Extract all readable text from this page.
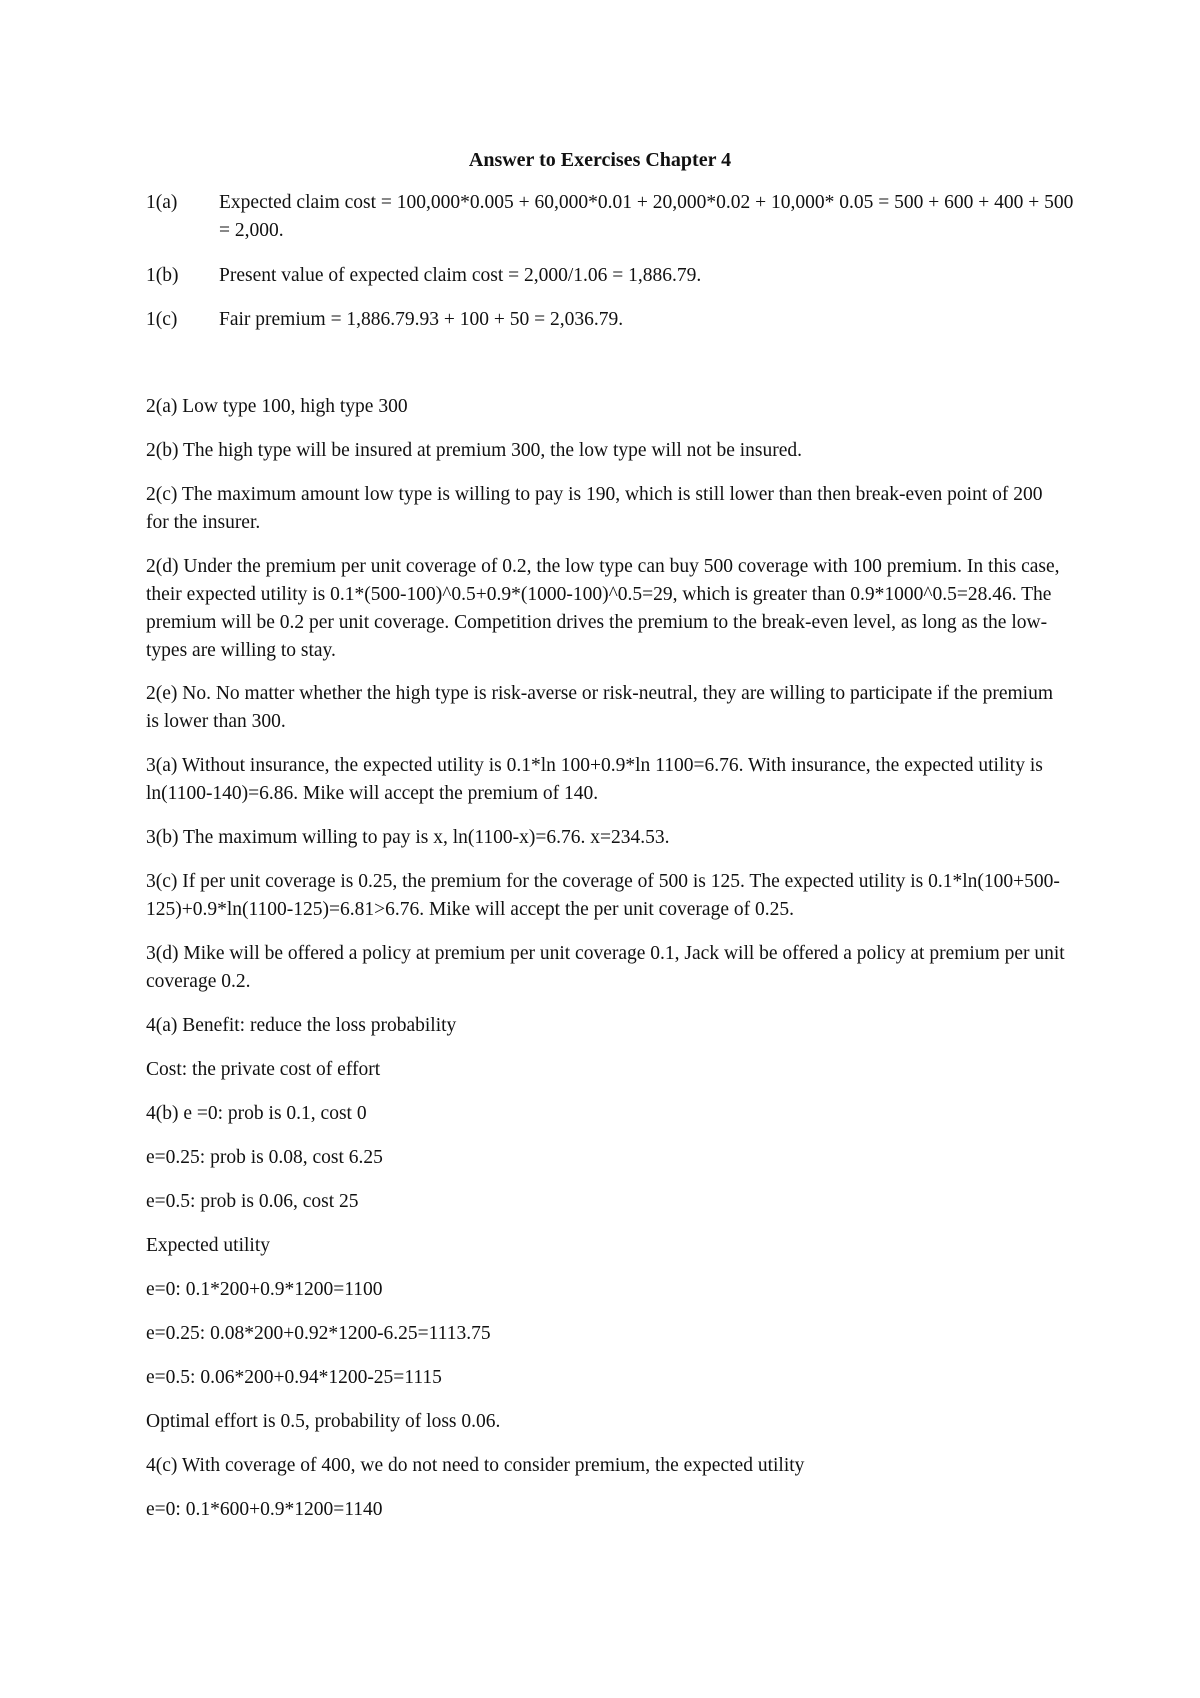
Answer to Exercises Chapter 4
1(a) Expected claim cost = 100,000*0.005 + 60,000*0.01 + 20,000*0.02 + 10,000* 0.05 = 500 + 600 + 400 + 500 = 2,000.
1(b) Present value of expected claim cost = 2,000/1.06 = 1,886.79.
1(c) Fair premium = 1,886.79.93 + 100 + 50 = 2,036.79.
2(a) Low type 100, high type 300
2(b) The high type will be insured at premium 300, the low type will not be insured.
2(c) The maximum amount low type is willing to pay is 190, which is still lower than then break-even point of 200 for the insurer.
2(d) Under the premium per unit coverage of 0.2, the low type can buy 500 coverage with 100 premium. In this case, their expected utility is 0.1*(500-100)^0.5+0.9*(1000-100)^0.5=29, which is greater than 0.9*1000^0.5=28.46. The premium will be 0.2 per unit coverage. Competition drives the premium to the break-even level, as long as the low-types are willing to stay.
2(e) No. No matter whether the high type is risk-averse or risk-neutral, they are willing to participate if the premium is lower than 300.
3(a) Without insurance, the expected utility is 0.1*ln 100+0.9*ln 1100=6.76. With insurance, the expected utility is ln(1100-140)=6.86. Mike will accept the premium of 140.
3(b) The maximum willing to pay is x, ln(1100-x)=6.76. x=234.53.
3(c) If per unit coverage is 0.25, the premium for the coverage of 500 is 125. The expected utility is 0.1*ln(100+500-125)+0.9*ln(1100-125)=6.81>6.76. Mike will accept the per unit coverage of 0.25.
3(d) Mike will be offered a policy at premium per unit coverage 0.1, Jack will be offered a policy at premium per unit coverage 0.2.
4(a) Benefit: reduce the loss probability
Cost: the private cost of effort
4(b) e =0: prob is 0.1, cost 0
e=0.25: prob is 0.08, cost 6.25
e=0.5: prob is 0.06, cost 25
Expected utility
e=0: 0.1*200+0.9*1200=1100
e=0.25: 0.08*200+0.92*1200-6.25=1113.75
e=0.5: 0.06*200+0.94*1200-25=1115
Optimal effort is 0.5, probability of loss 0.06.
4(c) With coverage of 400, we do not need to consider premium, the expected utility
e=0: 0.1*600+0.9*1200=1140
